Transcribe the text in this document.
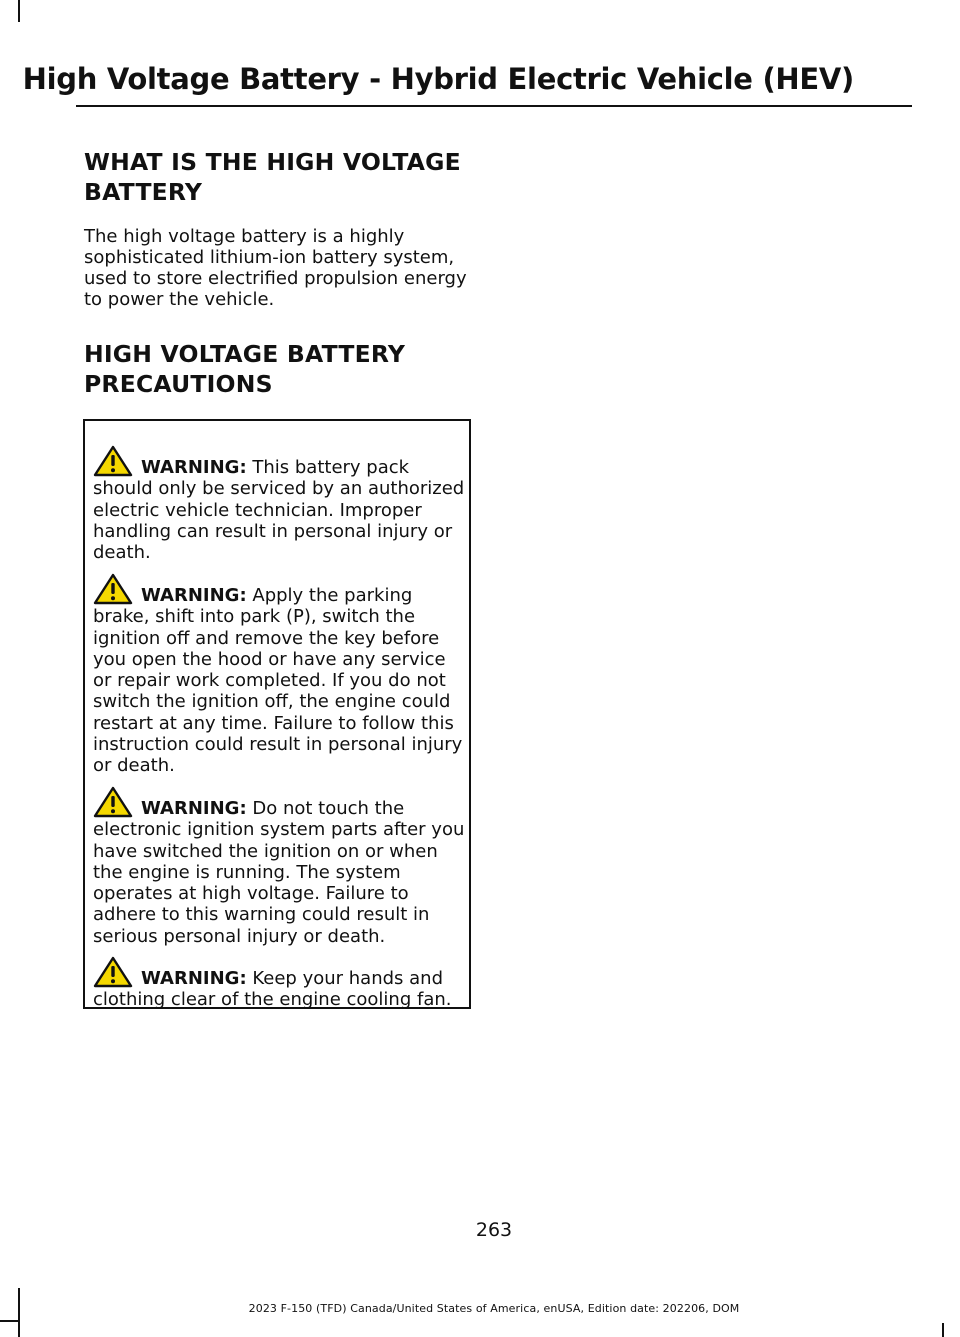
High Voltage Battery - Hybrid Electric Vehicle (HEV)
WHAT IS THE HIGH VOLTAGE
BATTERY

The high voltage battery is a highly
sophisticated lithium-ion battery system,
used to store electrified propulsion energy
to power the vehicle.

HIGH VOLTAGE BATTERY
PRECAUTIONS

WARNING: This battery pack
should only be serviced by an authorized
electric vehicle technician. Improper
handling can result in personal injury or
death.

WARNING: Apply the parking
brake, shift into park (P), switch the
ignition off and remove the key before
you open the hood or have any service
or repair work completed. If you do not
switch the ignition off, the engine could
restart at any time. Failure to follow this
instruction could result in personal injury
or death.

WARNING: Do not touch the
electronic ignition system parts after you
have switched the ignition on or when
the engine is running. The system
operates at high voltage. Failure to
adhere to this warning could result in
serious personal injury or death.

WARNING: Keep your hands and
clothing clear of the engine cooling fan.

263
2023 F-150 (TFD) Canada/United States of America, enUSA, Edition date: 202206, DOM
